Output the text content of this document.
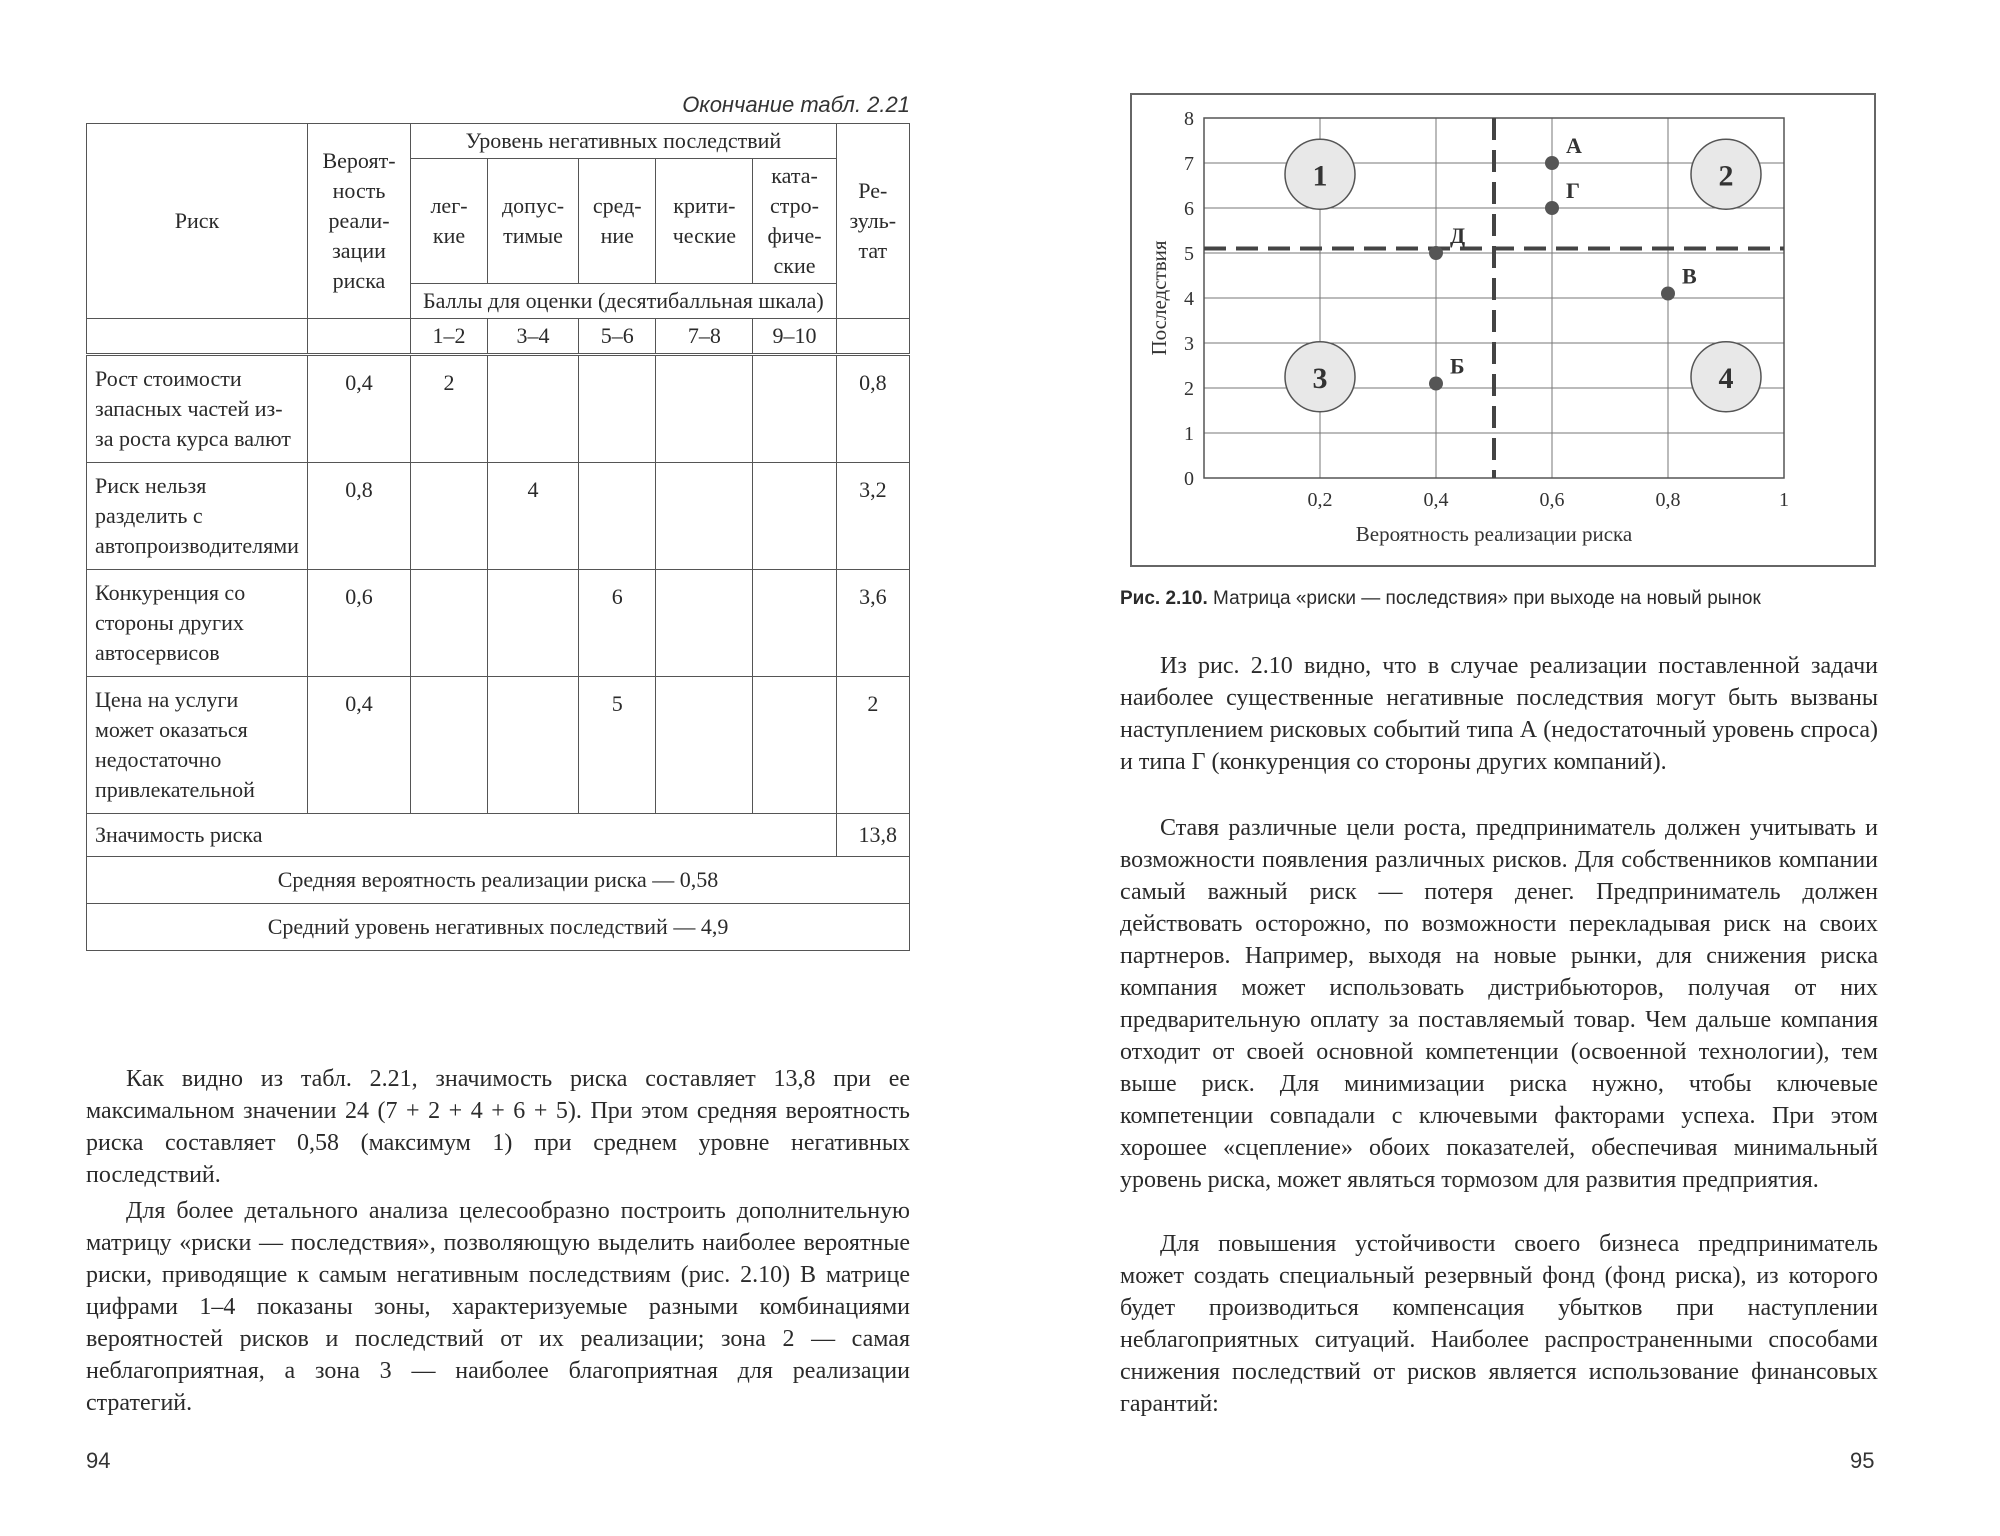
Окончание табл. 2.21
Риск	Вероят-ность реали-зации риска	Уровень негативных последствий					Ре-зуль-тат
		лег-кие	допус-тимые	сред-ние	крити-ческие	ката-стро-фиче-ские	
		Баллы для оценки (десятибалльная шкала)					
		1–2	3–4	5–6	7–8	9–10	
Рост стоимости запасных частей из-за роста курса валют	0,4	2					0,8
Риск нельзя разделить с автопроизводителями	0,8		4				3,2
Конкуренция со стороны других автосервисов	0,6			6			3,6
Цена на услуги может оказаться недостаточно привлекательной	0,4			5			2
Значимость риска							13,8
Средняя вероятность реализации риска — 0,58							
Средний уровень негативных последствий — 4,9							

Как видно из табл. 2.21, значимость риска составляет 13,8 при ее максимальном значении 24 (7 + 2 + 4 + 6 + 5). При этом средняя вероятность риска составляет 0,58 (максимум 1) при среднем уровне негативных последствий.

Для более детального анализа целесообразно построить дополнительную матрицу «риски — последствия», позволяющую выделить наиболее вероятные риски, приводящие к самым негативным последствиям (рис. 2.10) В матрице цифрами 1–4 показаны зоны, характеризуемые разными комбинациями вероятностей рисков и последствий от их реализации; зона 2 — самая неблагоприятная, а зона 3 — наиболее благоприятная для реализации стратегий.

94
0
1
2
3
4
5
6
7
8
0,2	0,4	0,6	0,8	1
Вероятность реализации риска
Последствия
1	2
3	4
А
Г
Д
В
Б
Рис. 2.10. Матрица «риски — последствия» при выходе на новый рынок

Из рис. 2.10 видно, что в случае реализации поставленной задачи наиболее существенные негативные последствия могут быть вызваны наступлением рисковых событий типа А (недостаточный уровень спроса) и типа Г (конкуренция со стороны других компаний).

Ставя различные цели роста, предприниматель должен учитывать и возможности появления различных рисков. Для собственников компании самый важный риск — потеря денег. Предприниматель должен действовать осторожно, по возможности перекладывая риск на своих партнеров. Например, выходя на новые рынки, для снижения риска компания может использовать дистрибьюторов, получая от них предварительную оплату за поставляемый товар. Чем дальше компания отходит от своей основной компетенции (освоенной технологии), тем выше риск. Для минимизации риска нужно, чтобы ключевые компетенции совпадали с ключевыми факторами успеха. При этом хорошее «сцепление» обоих показателей, обеспечивая минимальный уровень риска, может являться тормозом для развития предприятия.

Для повышения устойчивости своего бизнеса предприниматель может создать специальный резервный фонд (фонд риска), из которого будет производиться компенсация убытков при наступлении неблагоприятных ситуаций. Наиболее распространенными способами снижения последствий от рисков является использование финансовых гарантий:

95
